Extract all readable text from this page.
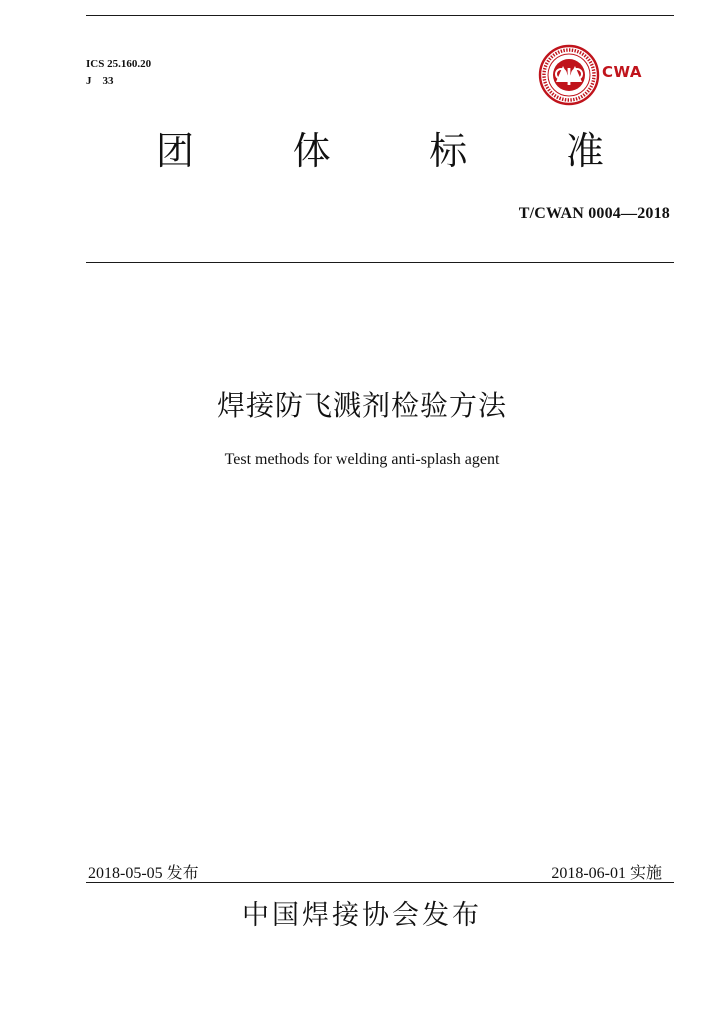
ICS 25.160.20
J    33	CWA
团	体	标	准
T/CWAN 0004—2018
焊接防飞溅剂检验方法
Test methods for welding anti-splash agent
2018-05-05 发布	2018-06-01 实施
中国焊接协会发布
